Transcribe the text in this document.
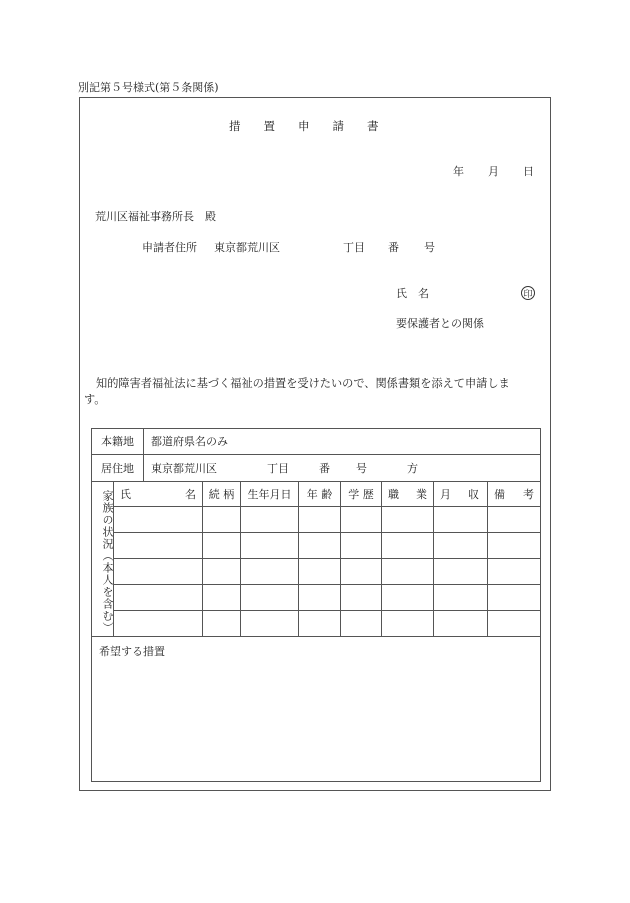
別記第５号様式(第５条関係)
措　　置　　申　　請　　書
年 月 日
荒川区福祉事務所長　殿
申請者住所 東京都荒川区	丁目 番 号
氏　名	印
要保護者との関係
知的障害者福祉法に基づく福祉の措置を受けたいので、関係書類を添えて申請しま
す。
本籍地		都道府県名のみ							
居住地		東京都荒川区 丁目 番 号 方							
家族の状況（本人を含む）	氏 名		続 柄	生年月日	年 齢	学 歴	職 業	月 収	備 考

希望する措置									
